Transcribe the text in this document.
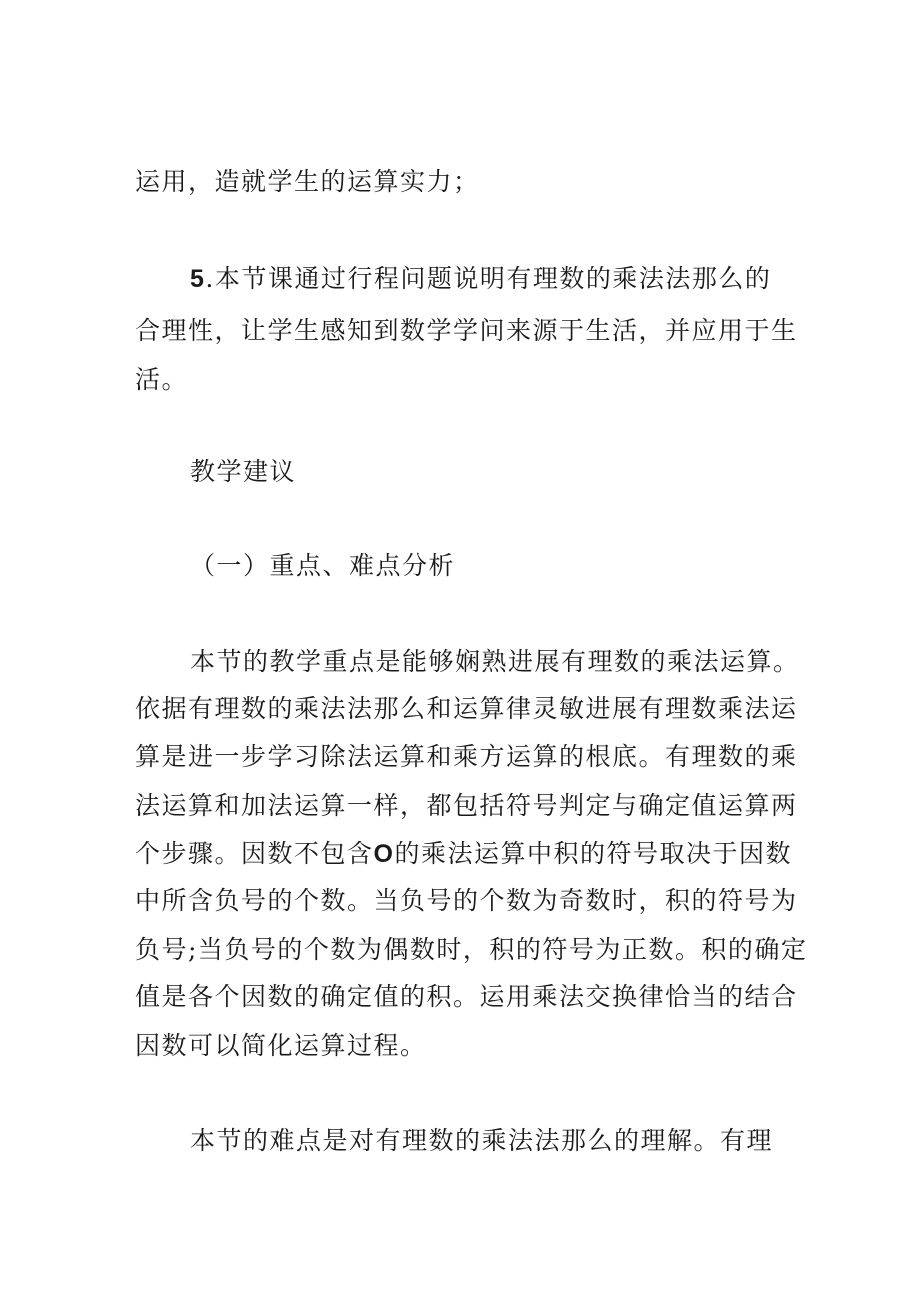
运用，造就学生的运算实力；
5.本节课通过行程问题说明有理数的乘法法那么的
合理性，让学生感知到数学学问来源于生活，并应用于生
活。
教学建议
（一）重点、难点分析
本节的教学重点是能够娴熟进展有理数的乘法运算。
依据有理数的乘法法那么和运算律灵敏进展有理数乘法运
算是进一步学习除法运算和乘方运算的根底。有理数的乘
法运算和加法运算一样，都包括符号判定与确定值运算两
个步骤。因数不包含O的乘法运算中积的符号取决于因数
中所含负号的个数。当负号的个数为奇数时，积的符号为
负号;当负号的个数为偶数时，积的符号为正数。积的确定
值是各个因数的确定值的积。运用乘法交换律恰当的结合
因数可以简化运算过程。
本节的难点是对有理数的乘法法那么的理解。有理
